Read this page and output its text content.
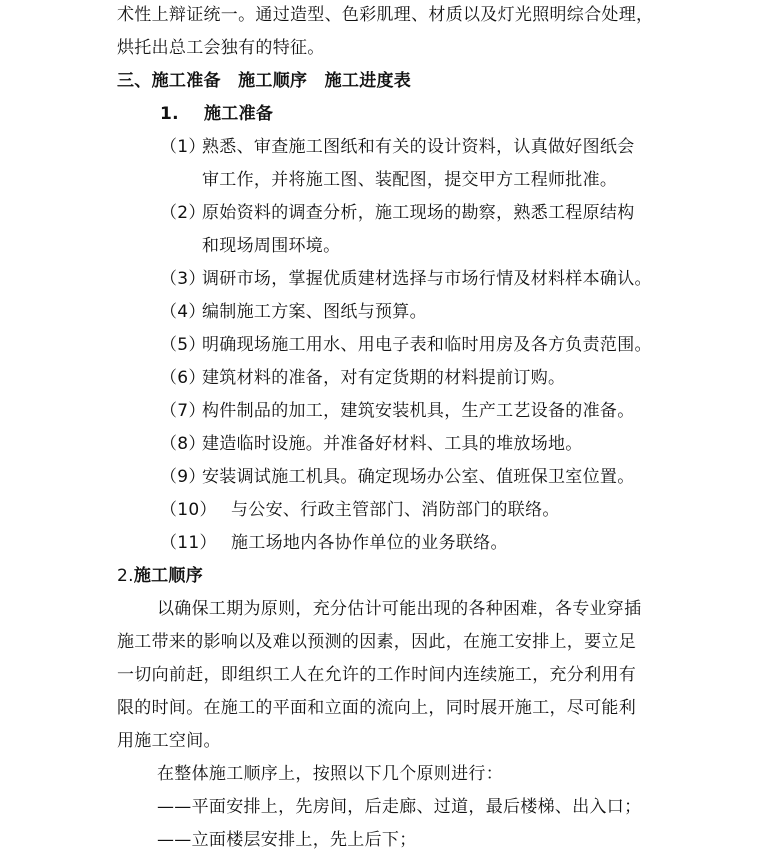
术性上辩证统一。通过造型、色彩肌理、材质以及灯光照明综合处理，
烘托出总工会独有的特征。
三、施工准备　施工顺序　施工进度表
1. 施工准备
（1）熟悉、审查施工图纸和有关的设计资料，认真做好图纸会
审工作，并将施工图、装配图，提交甲方工程师批准。
（2）原始资料的调查分析，施工现场的勘察，熟悉工程原结构
和现场周围环境。
（3）调研市场，掌握优质建材选择与市场行情及材料样本确认。
（4）编制施工方案、图纸与预算。
（5）明确现场施工用水、用电子表和临时用房及各方负责范围。
（6）建筑材料的准备，对有定货期的材料提前订购。
（7）构件制品的加工，建筑安装机具，生产工艺设备的准备。
（8）建造临时设施。并准备好材料、工具的堆放场地。
（9）安装调试施工机具。确定现场办公室、值班保卫室位置。
（10） 与公安、行政主管部门、消防部门的联络。
（11） 施工场地内各协作单位的业务联络。
2.施工顺序
以确保工期为原则，充分估计可能出现的各种困难，各专业穿插
施工带来的影响以及难以预测的因素，因此，在施工安排上，要立足
一切向前赶，即组织工人在允许的工作时间内连续施工，充分利用有
限的时间。在施工的平面和立面的流向上，同时展开施工，尽可能利
用施工空间。
在整体施工顺序上，按照以下几个原则进行：
——平面安排上，先房间，后走廊、过道，最后楼梯、出入口；
——立面楼层安排上，先上后下；
